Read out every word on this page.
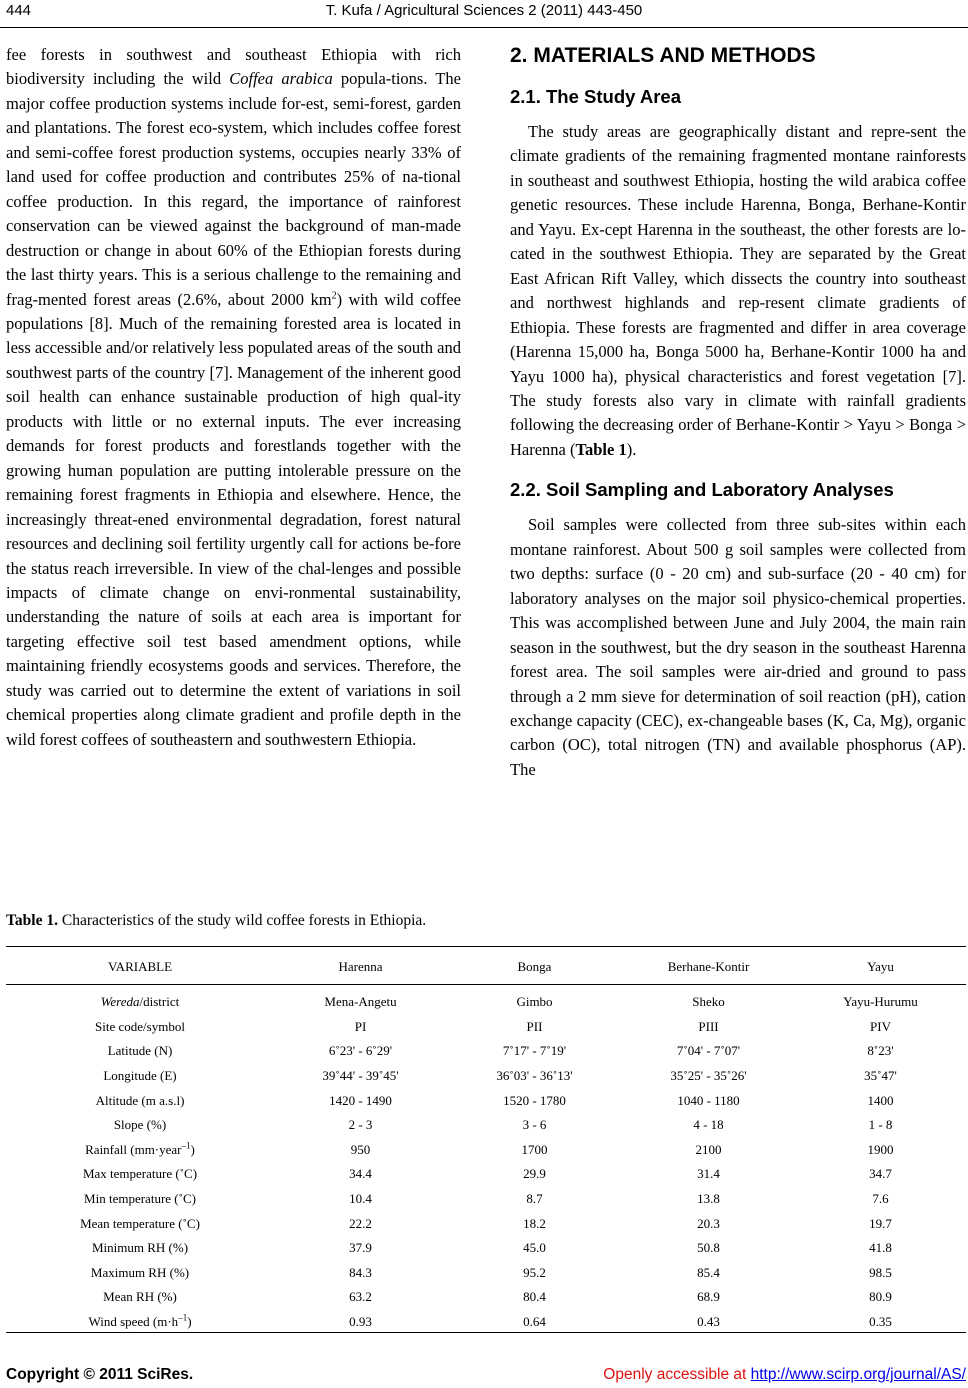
444	T. Kufa / Agricultural Sciences 2 (2011) 443-450

fee forests in southwest and southeast Ethiopia with rich biodiversity including the wild Coffea arabica popula-tions. The major coffee production systems include for-est, semi-forest, garden and plantations. The forest eco-system, which includes coffee forest and semi-coffee forest production systems, occupies nearly 33% of land used for coffee production and contributes 25% of na-tional coffee production. In this regard, the importance of rainforest conservation can be viewed against the background of man-made destruction or change in about 60% of the Ethiopian forests during the last thirty years. This is a serious challenge to the remaining and frag-mented forest areas (2.6%, about 2000 $km^2$) with wild coffee populations [8]. Much of the remaining forested area is located in less accessible and/or relatively less populated areas of the south and southwest parts of the country [7]. Management of the inherent good soil health can enhance sustainable production of high qual-ity products with little or no external inputs. The ever increasing demands for forest products and forestlands together with the growing human population are putting intolerable pressure on the remaining forest fragments in Ethiopia and elsewhere. Hence, the increasingly threat-ened environmental degradation, forest natural resources and declining soil fertility urgently call for actions be-fore the status reach irreversible. In view of the chal-lenges and possible impacts of climate change on envi-ronmental sustainability, understanding the nature of soils at each area is important for targeting effective soil test based amendment options, while maintaining friendly ecosystems goods and services. Therefore, the study was carried out to determine the extent of variations in soil chemical properties along climate gradient and profile depth in the wild forest coffees of southeastern and southwestern Ethiopia.

2. MATERIALS AND METHODS
2.1. The Study Area

The study areas are geographically distant and repre-sent the climate gradients of the remaining fragmented montane rainforests in southeast and southwest Ethiopia, hosting the wild arabica coffee genetic resources. These include Harenna, Bonga, Berhane-Kontir and Yayu. Ex-cept Harenna in the southeast, the other forests are lo-cated in the southwest Ethiopia. They are separated by the Great East African Rift Valley, which dissects the country into southeast and northwest highlands and rep-resent climate gradients of Ethiopia. These forests are fragmented and differ in area coverage (Harenna 15,000 ha, Bonga 5000 ha, Berhane-Kontir 1000 ha and Yayu 1000 ha), physical characteristics and forest vegetation [7]. The study forests also vary in climate with rainfall gradients following the decreasing order of Berhane-Kontir > Yayu > Bonga > Harenna (Table 1).

2.2. Soil Sampling and Laboratory Analyses

Soil samples were collected from three sub-sites within each montane rainforest. About 500 g soil samples were collected from two depths: surface (0 - 20 cm) and sub-surface (20 - 40 cm) for laboratory analyses on the major soil physico-chemical properties. This was accomplished between June and July 2004, the main rain season in the southwest, but the dry season in the southeast Harenna forest area. The soil samples were air-dried and ground to pass through a 2 mm sieve for determination of soil reaction (pH), cation exchange capacity (CEC), ex-changeable bases (K, Ca, Mg), organic carbon (OC), total nitrogen (TN) and available phosphorus (AP). The

Table 1. Characteristics of the study wild coffee forests in Ethiopia.
VARIABLE	Harenna	Bonga	Berhane-Kontir	Yayu
Wereda/district	Mena-Angetu	Gimbo	Sheko	Yayu-Hurumu
Site code/symbol	PI	PII	PIII	PIV
Latitude (N)	6˚23' - 6˚29'	7˚17' - 7˚19'	7˚04' - 7˚07'	8˚23'
Longitude (E)	39˚44' - 39˚45'	36˚03' - 36˚13'	35˚25' - 35˚26'	35˚47'
Altitude (m a.s.l)	1420 - 1490	1520 - 1780	1040 - 1180	1400
Slope (%)	2 - 3	3 - 6	4 - 18	1 - 8
Rainfall (mm·year$^{-1}$)	950	1700	2100	1900
Max temperature (˚C)	34.4	29.9	31.4	34.7
Min temperature (˚C)	10.4	8.7	13.8	7.6
Mean temperature (˚C)	22.2	18.2	20.3	19.7
Minimum RH (%)	37.9	45.0	50.8	41.8
Maximum RH (%)	84.3	95.2	85.4	98.5
Mean RH (%)	63.2	80.4	68.9	80.9
Wind speed $(m\cdot h^{-1})$	0.93	0.64	0.43	0.35
Copyright © 2011 SciRes.	Openly accessible at http://www.scirp.org/journal/AS/
